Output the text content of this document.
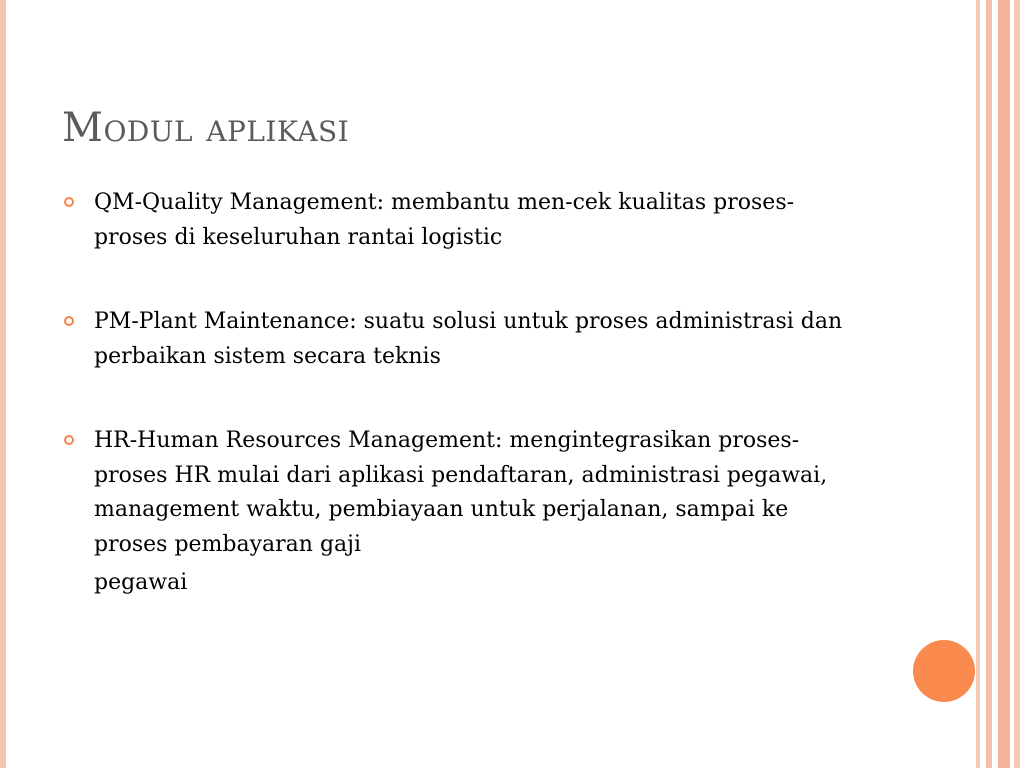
Modul aplikasi
QM-Quality Management: membantu men-cek kualitas proses-proses di keseluruhan rantai logistic
PM-Plant Maintenance: suatu solusi untuk proses administrasi dan perbaikan sistem secara teknis
HR-Human Resources Management: mengintegrasikan proses-proses HR mulai dari aplikasi pendaftaran, administrasi pegawai, management waktu, pembiayaan untuk perjalanan, sampai ke proses pembayaran gaji
pegawai
